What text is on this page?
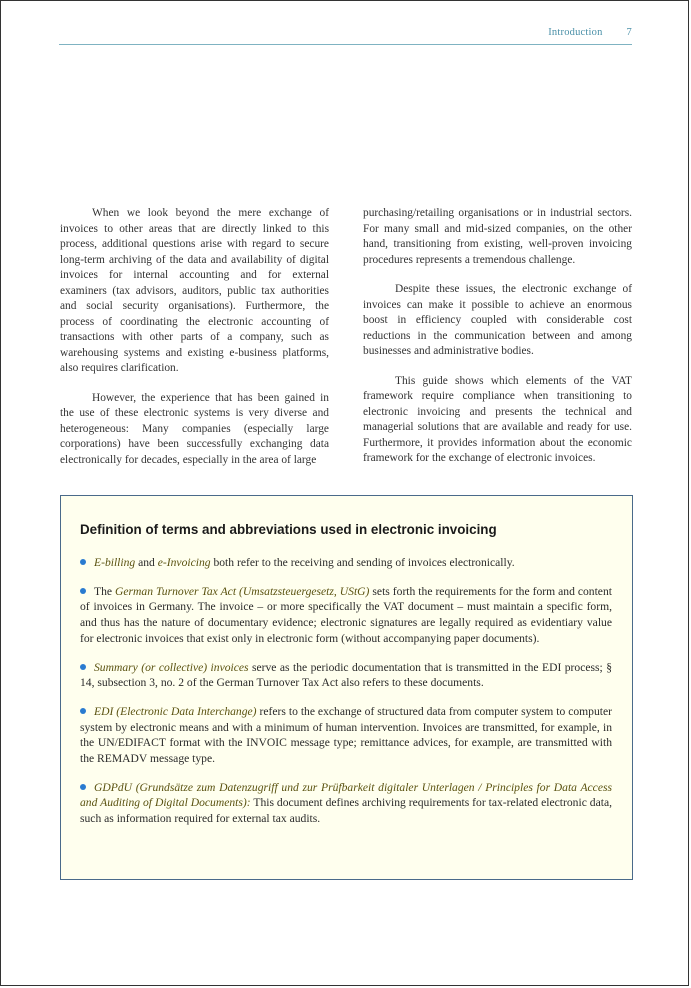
Introduction 7

When we look beyond the mere exchange of invoices to other areas that are directly linked to this process, additional questions arise with regard to secure long-term archiving of the data and availability of digital invoices for internal accounting and for external examiners (tax advisors, auditors, public tax authorities and social security organisations). Furthermore, the process of coordinating the electronic accounting of transactions with other parts of a company, such as warehousing systems and existing e-business platforms, also requires clarification.

However, the experience that has been gained in the use of these electronic systems is very diverse and heterogeneous: Many companies (especially large corporations) have been successfully exchanging data electronically for decades, especially in the area of large

purchasing/retailing organisations or in industrial sectors. For many small and mid-sized companies, on the other hand, transitioning from existing, well-proven invoicing procedures represents a tremendous challenge.

Despite these issues, the electronic exchange of invoices can make it possible to achieve an enormous boost in efficiency coupled with considerable cost reductions in the communication between and among businesses and administrative bodies.

This guide shows which elements of the VAT framework require compliance when transitioning to electronic invoicing and presents the technical and managerial solutions that are available and ready for use. Furthermore, it provides information about the economic framework for the exchange of electronic invoices.

Definition of terms and abbreviations used in electronic invoicing
E-billing and e-Invoicing both refer to the receiving and sending of invoices electronically.
The German Turnover Tax Act (Umsatzsteuergesetz, UStG) sets forth the requirements for the form and content of invoices in Germany. The invoice – or more specifically the VAT document – must maintain a specific form, and thus has the nature of documentary evidence; electronic signatures are legally required as evidentiary value for electronic invoices that exist only in electronic form (without accompanying paper documents).
Summary (or collective) invoices serve as the periodic documentation that is transmitted in the EDI process; § 14, subsection 3, no. 2 of the German Turnover Tax Act also refers to these documents.
EDI (Electronic Data Interchange) refers to the exchange of structured data from computer system to computer system by electronic means and with a minimum of human intervention. Invoices are transmitted, for example, in the UN/EDIFACT format with the INVOIC message type; remittance advices, for example, are transmitted with the REMADV message type.
GDPdU (Grundsätze zum Datenzugriff und zur Prüfbarkeit digitaler Unterlagen / Principles for Data Access and Auditing of Digital Documents): This document defines archiving requirements for tax-related electronic data, such as information required for external tax audits.
